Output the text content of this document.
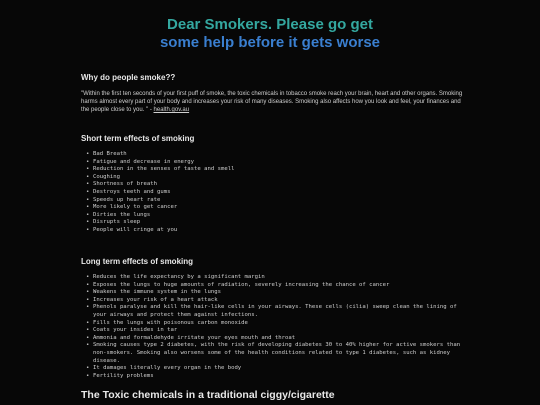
Dear Smokers. Please go get
some help before it gets worse
Why do people smoke??
"Within the first ten seconds of your first puff of smoke, the toxic chemicals in tobacco smoke reach your brain, heart and other organs. Smoking harms almost every part of your body and increases your risk of many diseases. Smoking also affects how you look and feel, your finances and the people close to you. " - health.gov.au
Short term effects of smoking
• Bad Breath
• Fatigue and decrease in energy
• Reduction in the senses of taste and smell
• Coughing
• Shortness of breath
• Destroys teeth and gums
• Speeds up heart rate
• More likely to get cancer
• Dirties the lungs
• Disrupts sleep
• People will cringe at you
Long term effects of smoking
• Reduces the life expectancy by a significant margin
• Exposes the lungs to huge amounts of radiation, severely increasing the chance of cancer
• Weakens the immune system in the lungs
• Increases your risk of a heart attack
• Phenols paralyse and kill the hair-like cells in your airways. These cells (cilia) sweep clean the lining of your airways and protect them against infections.
• Fills the lungs with poisonous carbon monoxide
• Coats your insides in tar
• Ammonia and formaldehyde irritate your eyes mouth and throat
• Smoking causes type 2 diabetes, with the risk of developing diabetes 30 to 40% higher for active smokers than non-smokers. Smoking also worsens some of the health conditions related to type 1 diabetes, such as kidney disease.
• It damages literally every organ in the body
• Fertility problems
The Toxic chemicals in a traditional ciggy/cigarette
